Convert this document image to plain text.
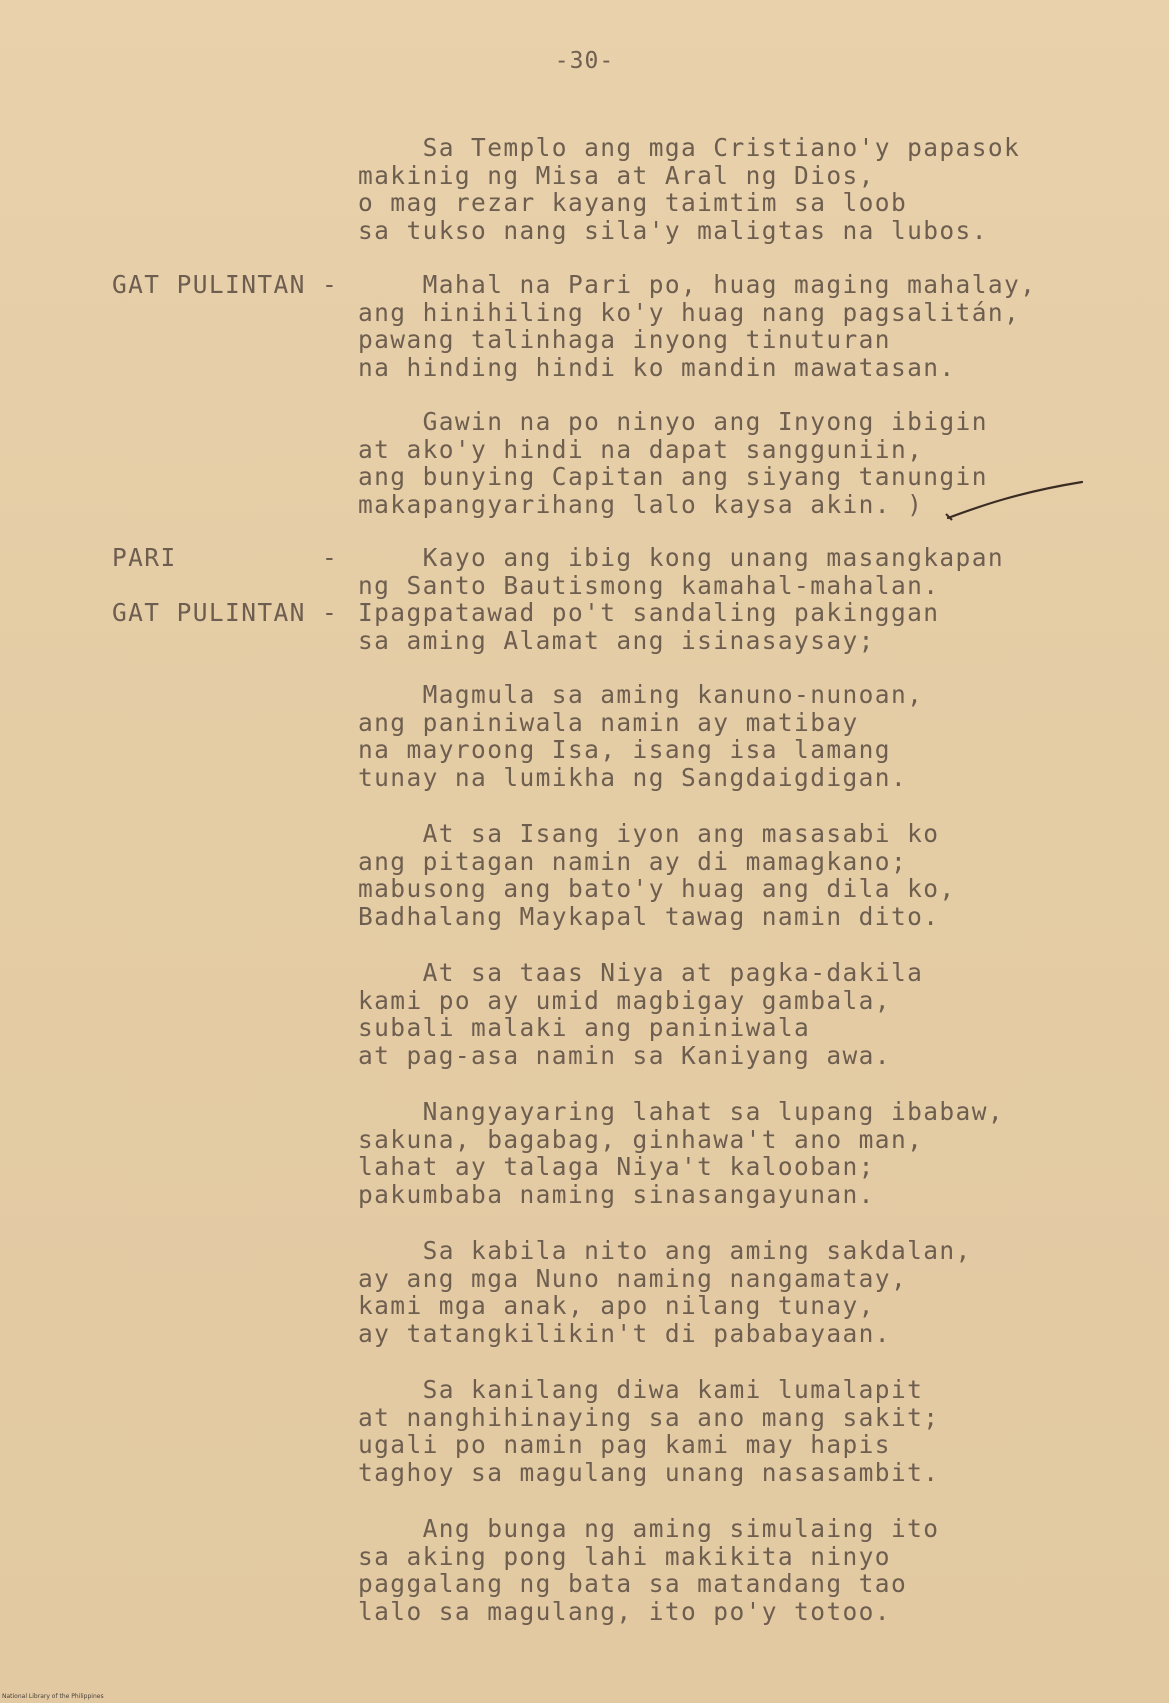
-30-
Sa Templo ang mga Cristiano'y papasok
makinig ng Misa at Aral ng Dios,
o mag rezar kayang taimtim sa loob
sa tukso nang sila'y maligtas na lubos.
GAT PULINTAN - Mahal na Pari po, huag maging mahalay,
ang hinihiling ko'y huag nang pagsalitán,
pawang talinhaga inyong tinuturan
na hinding hindi ko mandin mawatasan.
Gawin na po ninyo ang Inyong ibigin
at ako'y hindi na dapat sangguniin,
ang bunying Capitan ang siyang tanungin
makapangyarihang lalo kaysa akin. )
PARI	- Kayo ang ibig kong unang masangkapan
ng Santo Bautismong kamahal-mahalan.
GAT PULINTAN - Ipagpatawad po't sandaling pakinggan
sa aming Alamat ang isinasaysay;
Magmula sa aming kanuno-nunoan,
ang paniniwala namin ay matibay
na mayroong Isa, isang isa lamang
tunay na lumikha ng Sangdaigdigan.
At sa Isang iyon ang masasabi ko
ang pitagan namin ay di mamagkano;
mabusong ang bato'y huag ang dila ko,
Badhalang Maykapal tawag namin dito.
At sa taas Niya at pagka-dakila
kami po ay umid magbigay gambala,
subali malaki ang paniniwala
at pag-asa namin sa Kaniyang awa.
Nangyayaring lahat sa lupang ibabaw,
sakuna, bagabag, ginhawa't ano man,
lahat ay talaga Niya't kalooban;
pakumbaba naming sinasangayunan.
Sa kabila nito ang aming sakdalan,
ay ang mga Nuno naming nangamatay,
kami mga anak, apo nilang tunay,
ay tatangkilikin't di pababayaan.
Sa kanilang diwa kami lumalapit
at nanghihinaying sa ano mang sakit;
ugali po namin pag kami may hapis
taghoy sa magulang unang nasasambit.
Ang bunga ng aming simulaing ito
sa aking pong lahi makikita ninyo
paggalang ng bata sa matandang tao
lalo sa magulang, ito po'y totoo.
National Library of the Philippines
